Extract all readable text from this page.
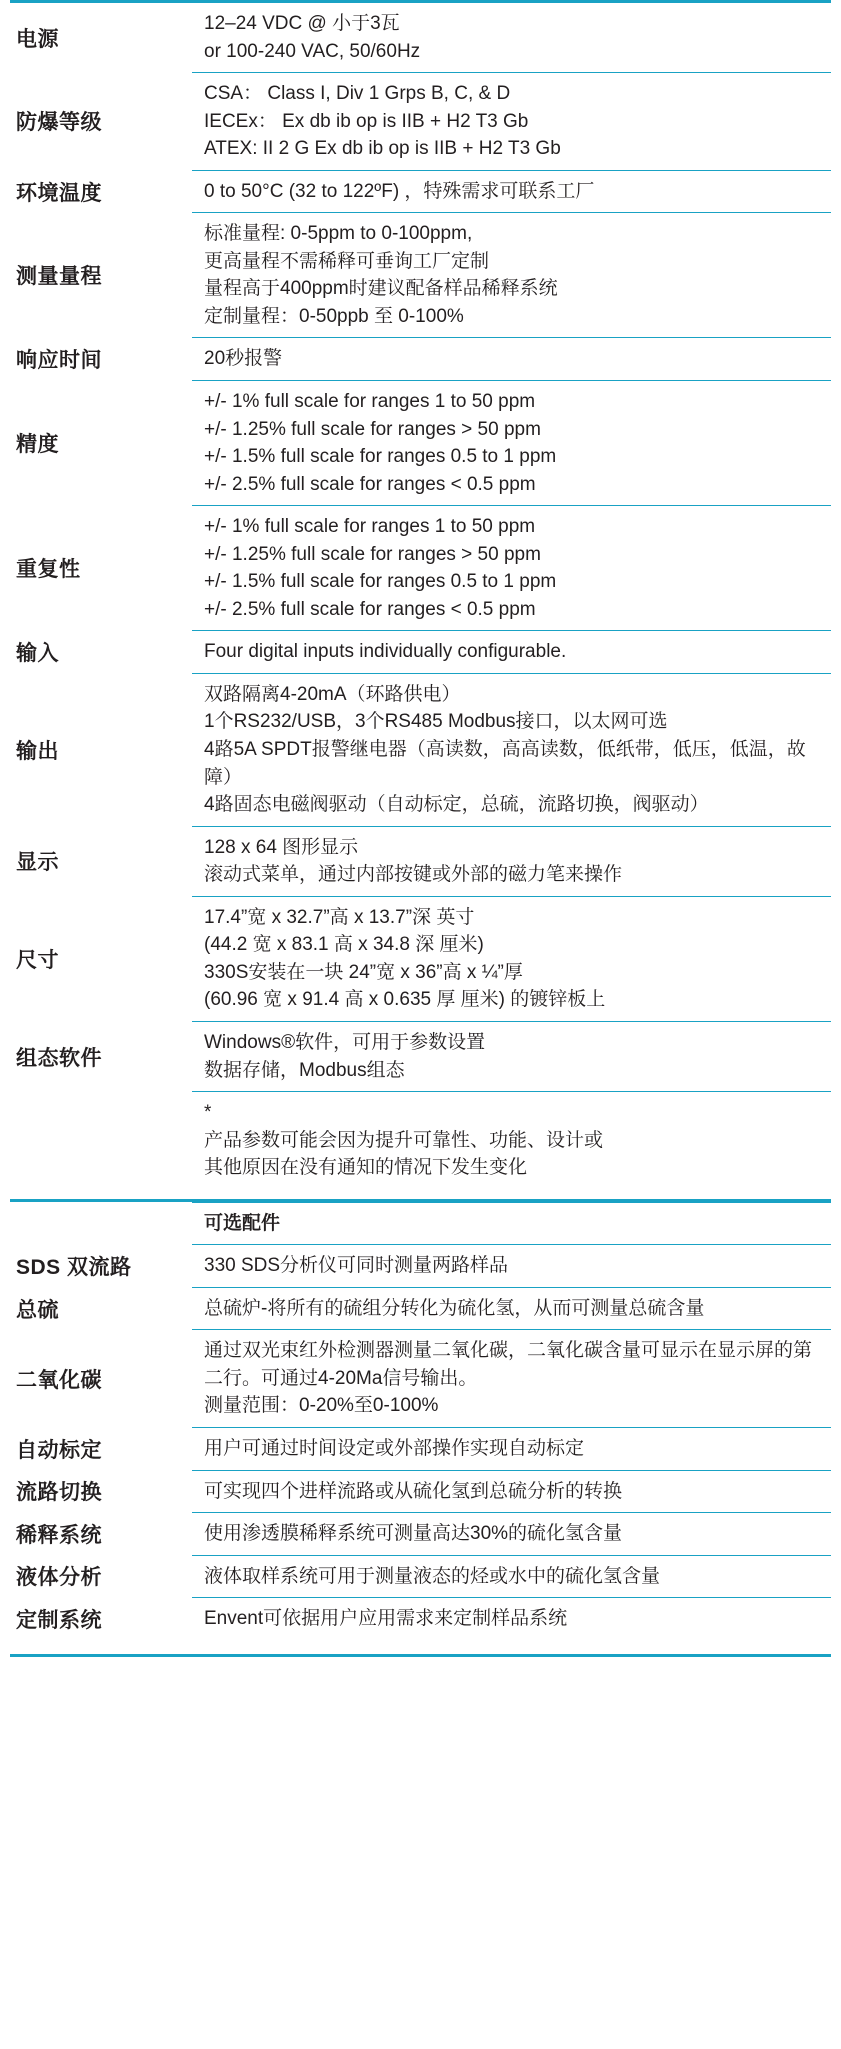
电源	12–24 VDC @ 小于3瓦

or 100-240 VAC, 50/60Hz

防爆等级	CSA： Class I, Div 1 Grps B, C, & D

IECEx： Ex db ib op is IIB + H2 T3 Gb

ATEX: II 2 G Ex db ib op is IIB + H2 T3 Gb

环境温度	0 to 50°C (32 to 122ºF) ，特殊需求可联系工厂

测量量程	标准量程: 0-5ppm to 0-100ppm,

更高量程不需稀释可垂询工厂定制

量程高于400ppm时建议配备样品稀释系统

定制量程：0-50ppb 至 0-100%

响应时间	20秒报警

精度	+/- 1% full scale for ranges 1 to 50 ppm

+/- 1.25% full scale for ranges > 50 ppm

+/- 1.5% full scale for ranges 0.5 to 1 ppm

+/- 2.5% full scale for ranges < 0.5 ppm

重复性	+/- 1% full scale for ranges 1 to 50 ppm

+/- 1.25% full scale for ranges > 50 ppm

+/- 1.5% full scale for ranges 0.5 to 1 ppm

+/- 2.5% full scale for ranges < 0.5 ppm

输入	Four digital inputs individually configurable.

输出	双路隔离4-20mA（环路供电）

1个RS232/USB，3个RS485 Modbus接口，以太网可选

4路5A SPDT报警继电器（高读数，高高读数，低纸带，低压，低温，故障）

4路固态电磁阀驱动（自动标定，总硫，流路切换，阀驱动）

显示	128 x 64 图形显示

滚动式菜单，通过内部按键或外部的磁力笔来操作

尺寸	17.4”宽 x 32.7”高 x 13.7”深 英寸

(44.2 宽 x 83.1 高 x 34.8 深 厘米)

330S安装在一块 24”宽 x 36”高 x ¼”厚

(60.96 宽 x 91.4 高 x 0.635 厚 厘米) 的镀锌板上

组态软件	Windows®软件，可用于参数设置

数据存储，Modbus组态

	*

产品参数可能会因为提升可靠性、功能、设计或

其他原因在没有通知的情况下发生变化

	可选配件
SDS 双流路	330 SDS分析仪可同时测量两路样品

总硫	总硫炉-将所有的硫组分转化为硫化氢，从而可测量总硫含量

二氧化碳	通过双光束红外检测器测量二氧化碳，二氧化碳含量可显示在显示屏的第二行。可通过4-20Ma信号输出。

测量范围：0-20%至0-100%

自动标定	用户可通过时间设定或外部操作实现自动标定

流路切换	可实现四个进样流路或从硫化氢到总硫分析的转换

稀释系统	使用渗透膜稀释系统可测量高达30%的硫化氢含量

液体分析	液体取样系统可用于测量液态的烃或水中的硫化氢含量

定制系统	Envent可依据用户应用需求来定制样品系统
